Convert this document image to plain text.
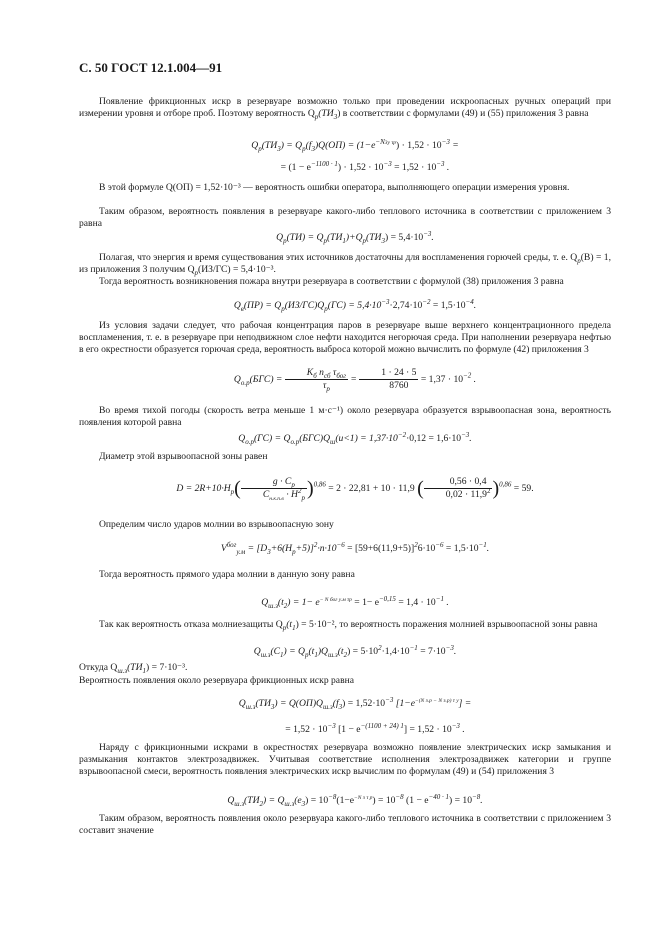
С. 50 ГОСТ 12.1.004—91

Появление фрикционных искр в резервуаре возможно только при проведении искроопасных ручных операций при измерении уровня и отборе проб. Поэтому вероятность $Q_р(ТИ_3)$ в соответствии с формулами (49) и (55) приложения 3 равна

$Q_р(ТИ_3) = Q_р(f_3)Q(ОП) = (1-e^{-N3у \tau р}) \cdot 1,52 \cdot 10^{-3}$ =

= $(1 - e^{-1100 \cdot 1}) \cdot 1,52 \cdot 10^{-3} = 1,52 \cdot 10^{-3}$ .

В этой формуле Q(ОП) = 1,52·10⁻³ — вероятность ошибки оператора, выполняющего операции измерения уровня.

Таким образом, вероятность появления в резервуаре какого-либо теплового источника в соответствии с приложением 3 равна

$Q_р(ТИ) = Q_р(ТИ_1)+Q_р(ТИ_3) = 5,4\cdot 10^{-3}$.

Полагая, что энергия и время существования этих источников достаточны для воспламенения горючей среды, т. е. $Q_р(В) = 1$, из приложения 3 получим $Q_р(ИЗ/ГС) = 5,4\cdot 10^{-3}$.

Тогда вероятность возникновения пожара внутри резервуара в соответствии с формулой (38) приложения 3 равна

$Q_в(ПР) = Q_р(ИЗ/ГС)Q_р(ГС) = 5,4\cdot 10^{-3}\cdot 2,74\cdot 10^{-2} = 1,5\cdot 10^{-4}$.

Из условия задачи следует, что рабочая концентрация паров в резервуаре выше верхнего концентрационного предела воспламенения, т. е. в резервуаре при неподвижном слое нефти находится негорючая среда. При наполнении резервуара нефтью в его окрестности образуется горючая среда, вероятность выброса которой можно вычислить по формуле (42) приложения 3

$Q_{о.р}(БГС) = \frac{K_б n_{сб} \tau_{бог}}{\tau_р} = \frac{1 \cdot 24 \cdot 5}{8760} = 1,37 \cdot 10^{-2}$ .

Во время тихой погоды (скорость ветра меньше 1 м·с⁻¹) около резервуара образуется взрывоопасная зона, вероятность появления которой равна

$Q_{о.р}(ГС) = Q_{о.р}(БГС)Q_ш(u<1) = 1,37\cdot 10^{-2}\cdot 0,12 = 1,6\cdot 10^{-3}$.

Диаметр этой взрывоопасной зоны равен

$D = 2R+10\cdot H_р( \frac{g \cdot C_р}{C_{н.к.п.в} \cdot H^2_р} )^{0,86} = 2 \cdot 22,81 + 10 \cdot 11,9$ ( $\frac{0,56 \cdot 0,4}{0,02 \cdot 11,9^2} )^{0,86} = 59$.

Определим число ударов молнии во взрывоопасную зону

$V^{бог}_{у.м} = [D_3+6(H_р+5)]^2\cdot n\cdot 10^{-6} = [59+6(11,9+5)]^26\cdot 10^{-6} = 1,5\cdot 10^{-1}$.

Тогда вероятность прямого удара молнии в данную зону равна

$Q_{ш.з}(t_2) = 1- e^{- N бог у.м \tau р} = 1- e^{-0,15} = 1,4 \cdot 10^{-1}$ .

Так как вероятность отказа молниезащиты $Q_р(t_1) = 5\cdot 10^{-2}$, то вероятность поражения молнией взрывоопасной зоны равна

$Q_{ш.з}(C_1) = Q_р(t_1)Q_{ш.з}(t_2) = 5\cdot 10^2\cdot 1,4\cdot 10^{-1} = 7\cdot 10^{-3}$.

Откуда $Q_{ш.з}(ТИ_1) = 7\cdot 10^{-3}$.

Вероятность появления около резервуара фрикционных искр равна

$Q_{ш.з}(ТИ_3) = Q(ОП)Q_{ш.з}(f_3) = 1,52\cdot 10^{-3}$ $[1-e^{-(N з.р - N з.р) \tau у}]$ =

= $1,52 \cdot 10^{-3}$ $[1 - e^{-(1100 + 24) 1}] = 1,52 \cdot 10^{-3}$ .

Наряду с фрикционными искрами в окрестностях резервуара возможно появление электрических искр замыкания и размыкания контактов электрозадвижек. Учитывая соответствие исполнения электрозадвижек категории и группе взрывоопасной смеси, вероятность появления электрических искр вычислим по формулам (49) и (54) приложения 3

$Q_{ш.з}(ТИ_2) = Q_{ш.з}(e_3) = 10^{-8}(1-e^{-N з \tau р}) = 10^{-8}$ $(1 - e^{-40 \cdot 1}) = 10^{-8}$.

Таким образом, вероятность появления около резервуара какого-либо теплового источника в соответствии с приложением 3 составит значение
